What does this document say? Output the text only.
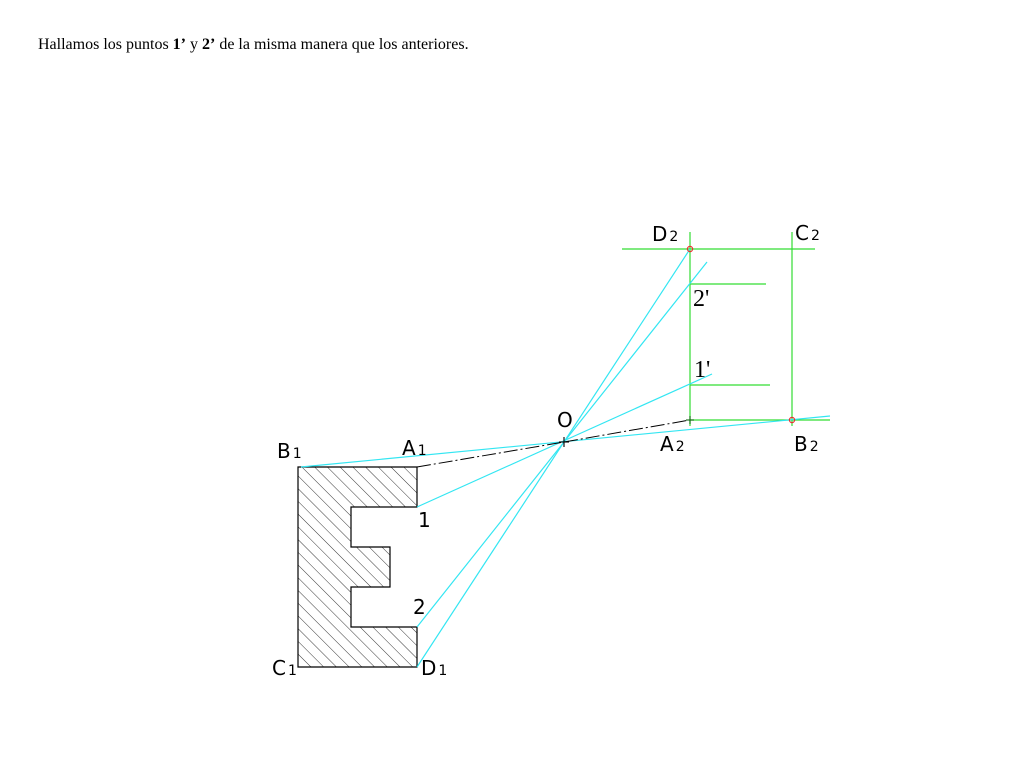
Hallamos los puntos 1’ y 2’ de la misma manera que los anteriores.
O
A 1
B 1
C 1	D 1
A 2	B 2
C 2
D 2
1
2
2'
1'
